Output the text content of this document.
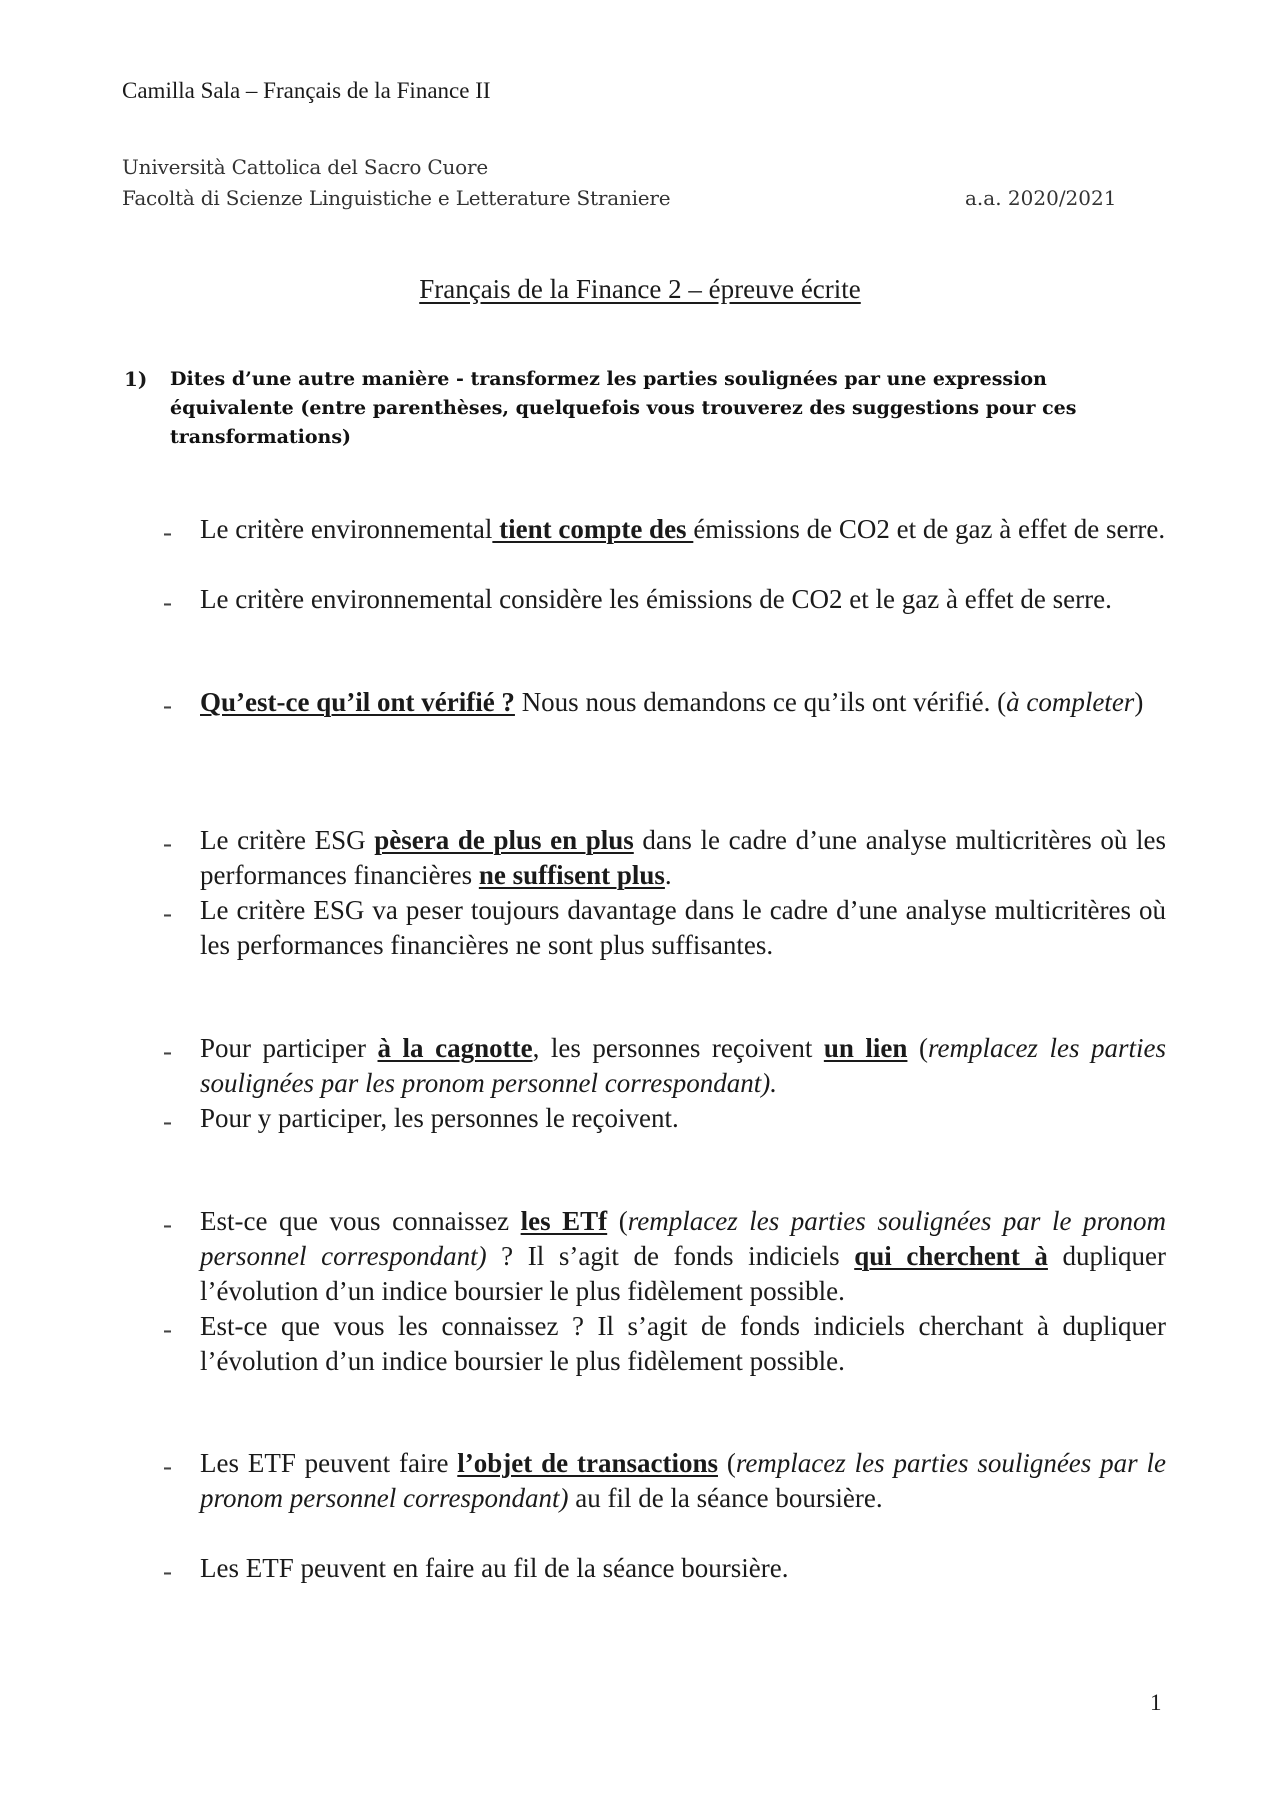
Camilla Sala – Français de la Finance II
Università Cattolica del Sacro Cuore
Facoltà di Scienze Linguistiche e Letterature Straniere	a.a. 2020/2021
Français de la Finance 2 – épreuve écrite
1) Dites d’une autre manière - transformez les parties soulignées par une expression équivalente (entre parenthèses, quelquefois vous trouverez des suggestions pour ces transformations)
- Le critère environnemental tient compte des émissions de CO2 et de gaz à effet de serre.
- Le critère environnemental considère les émissions de CO2 et le gaz à effet de serre.
- Qu’est-ce qu’il ont vérifié ? Nous nous demandons ce qu’ils ont vérifié. (à completer)
- Le critère ESG pèsera de plus en plus dans le cadre d’une analyse multicritères où les performances financières ne suffisent plus.
- Le critère ESG va peser toujours davantage dans le cadre d’une analyse multicritères où les performances financières ne sont plus suffisantes.
- Pour participer à la cagnotte, les personnes reçoivent un lien (remplacez les parties soulignées par les pronom personnel correspondant).
- Pour y participer, les personnes le reçoivent.
- Est-ce que vous connaissez les ETf (remplacez les parties soulignées par le pronom personnel correspondant) ? Il s’agit de fonds indiciels qui cherchent à dupliquer l’évolution d’un indice boursier le plus fidèlement possible.
- Est-ce que vous les connaissez ? Il s’agit de fonds indiciels cherchant à dupliquer l’évolution d’un indice boursier le plus fidèlement possible.
- Les ETF peuvent faire l’objet de transactions (remplacez les parties soulignées par le pronom personnel correspondant) au fil de la séance boursière.
- Les ETF peuvent en faire au fil de la séance boursière.
1
